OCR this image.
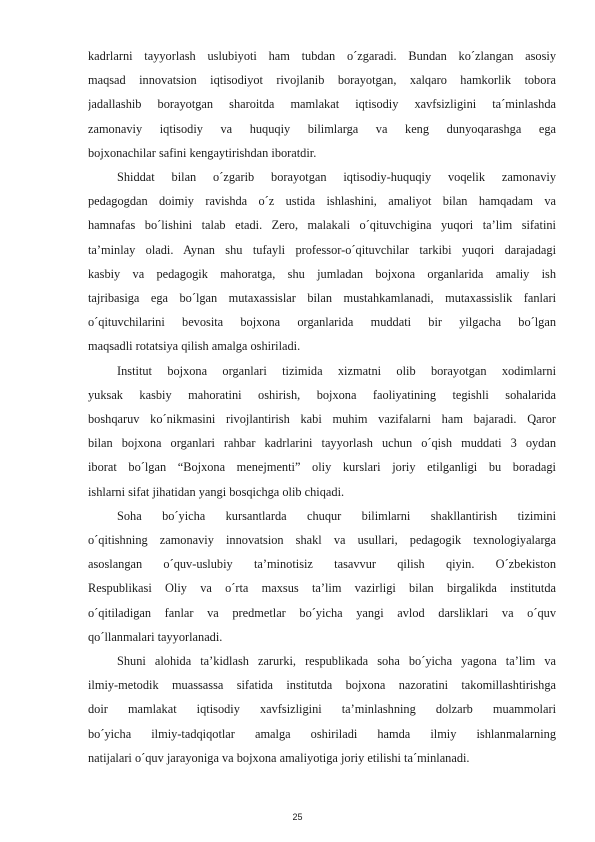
kadrlarni tayyorlash uslubiyoti ham tubdan o´zgaradi. Bundan ko´zlangan asosiy
maqsad innovatsion iqtisodiyot rivojlanib borayotgan, xalqaro hamkorlik tobora
jadallashib borayotgan sharoitda mamlakat iqtisodiy xavfsizligini ta´minlashda
zamonaviy iqtisodiy va huquqiy bilimlarga va keng dunyoqarashga ega
bojxonachilar safini kengaytirishdan iboratdir.
Shiddat bilan o´zgarib borayotgan iqtisodiy-huquqiy voqelik zamonaviy
pedagogdan doimiy ravishda o´z ustida ishlashini, amaliyot bilan hamqadam va
hamnafas bo´lishini talab etadi. Zero, malakali o´qituvchigina yuqori ta’lim sifatini
ta’minlay oladi. Aynan shu tufayli professor-o´qituvchilar tarkibi yuqori darajadagi
kasbiy va pedagogik mahoratga, shu jumladan bojxona organlarida amaliy ish
tajribasiga ega bo´lgan mutaxassislar bilan mustahkamlanadi, mutaxassislik fanlari
o´qituvchilarini bevosita bojxona organlarida muddati bir yilgacha bo´lgan
maqsadli rotatsiya qilish amalga oshiriladi.
Institut bojxona organlari tizimida xizmatni olib borayotgan xodimlarni
yuksak kasbiy mahoratini oshirish, bojxona faoliyatining tegishli sohalarida
boshqaruv ko´nikmasini rivojlantirish kabi muhim vazifalarni ham bajaradi. Qaror
bilan bojxona organlari rahbar kadrlarini tayyorlash uchun o´qish muddati 3 oydan
iborat bo´lgan “Bojxona menejmenti” oliy kurslari joriy etilganligi bu boradagi
ishlarni sifat jihatidan yangi bosqichga olib chiqadi.
Soha bo´yicha kursantlarda chuqur bilimlarni shakllantirish tizimini
o´qitishning zamonaviy innovatsion shakl va usullari, pedagogik texnologiyalarga
asoslangan o´quv-uslubiy ta’minotisiz tasavvur qilish qiyin. O´zbekiston
Respublikasi Oliy va o´rta maxsus ta’lim vazirligi bilan birgalikda institutda
o´qitiladigan fanlar va predmetlar bo´yicha yangi avlod darsliklari va o´quv
qo´llanmalari tayyorlanadi.
Shuni alohida ta’kidlash zarurki, respublikada soha bo´yicha yagona ta’lim va
ilmiy-metodik muassassa sifatida institutda bojxona nazoratini takomillashtirishga
doir mamlakat iqtisodiy xavfsizligini ta’minlashning dolzarb muammolari
bo´yicha ilmiy-tadqiqotlar amalga oshiriladi hamda ilmiy ishlanmalarning
natijalari o´quv jarayoniga va bojxona amaliyotiga joriy etilishi ta´minlanadi.
25
